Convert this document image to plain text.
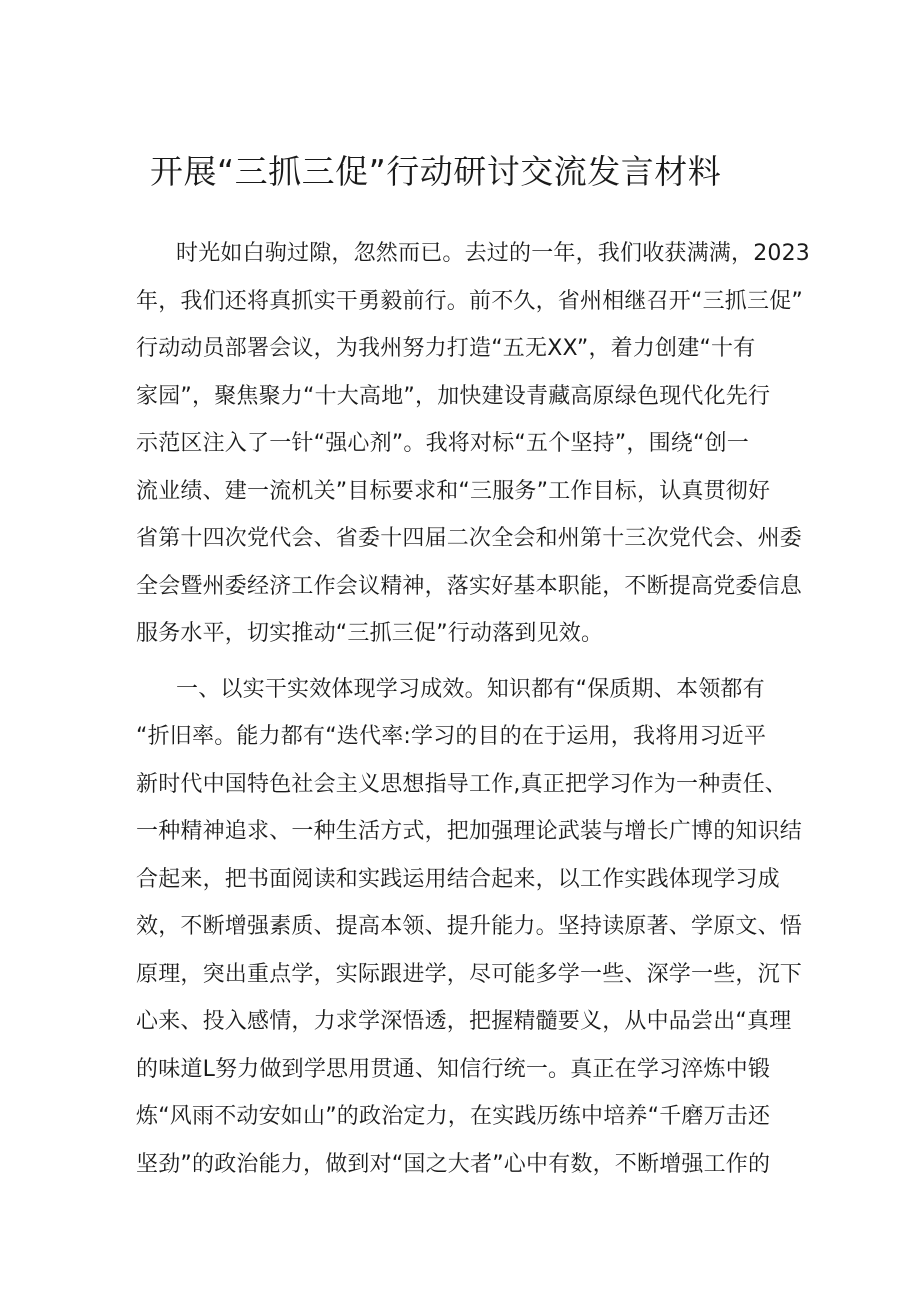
开展“三抓三促”行动研讨交流发言材料
时光如白驹过隙，忽然而已。去过的一年，我们收获满满，2023
年，我们还将真抓实干勇毅前行。前不久，省州相继召开“三抓三促”
行动动员部署会议，为我州努力打造“五无XX”，着力创建“十有
家园”，聚焦聚力“十大高地”，加快建设青藏高原绿色现代化先行
示范区注入了一针“强心剂”。我将对标“五个坚持”，围绕“创一
流业绩、建一流机关”目标要求和“三服务”工作目标，认真贯彻好
省第十四次党代会、省委十四届二次全会和州第十三次党代会、州委
全会暨州委经济工作会议精神，落实好基本职能，不断提高党委信息
服务水平，切实推动“三抓三促”行动落到见效。
一、以实干实效体现学习成效。知识都有“保质期、本领都有
“折旧率。能力都有“迭代率:学习的目的在于运用，我将用习近平
新时代中国特色社会主义思想指导工作,真正把学习作为一种责任、
一种精神追求、一种生活方式，把加强理论武装与增长广博的知识结
合起来，把书面阅读和实践运用结合起来，以工作实践体现学习成
效，不断增强素质、提高本领、提升能力。坚持读原著、学原文、悟
原理，突出重点学，实际跟进学，尽可能多学一些、深学一些，沉下
心来、投入感情，力求学深悟透，把握精髓要义，从中品尝出“真理
的味道L努力做到学思用贯通、知信行统一。真正在学习淬炼中锻
炼“风雨不动安如山”的政治定力，在实践历练中培养“千磨万击还
坚劲”的政治能力，做到对“国之大者”心中有数，不断增强工作的
